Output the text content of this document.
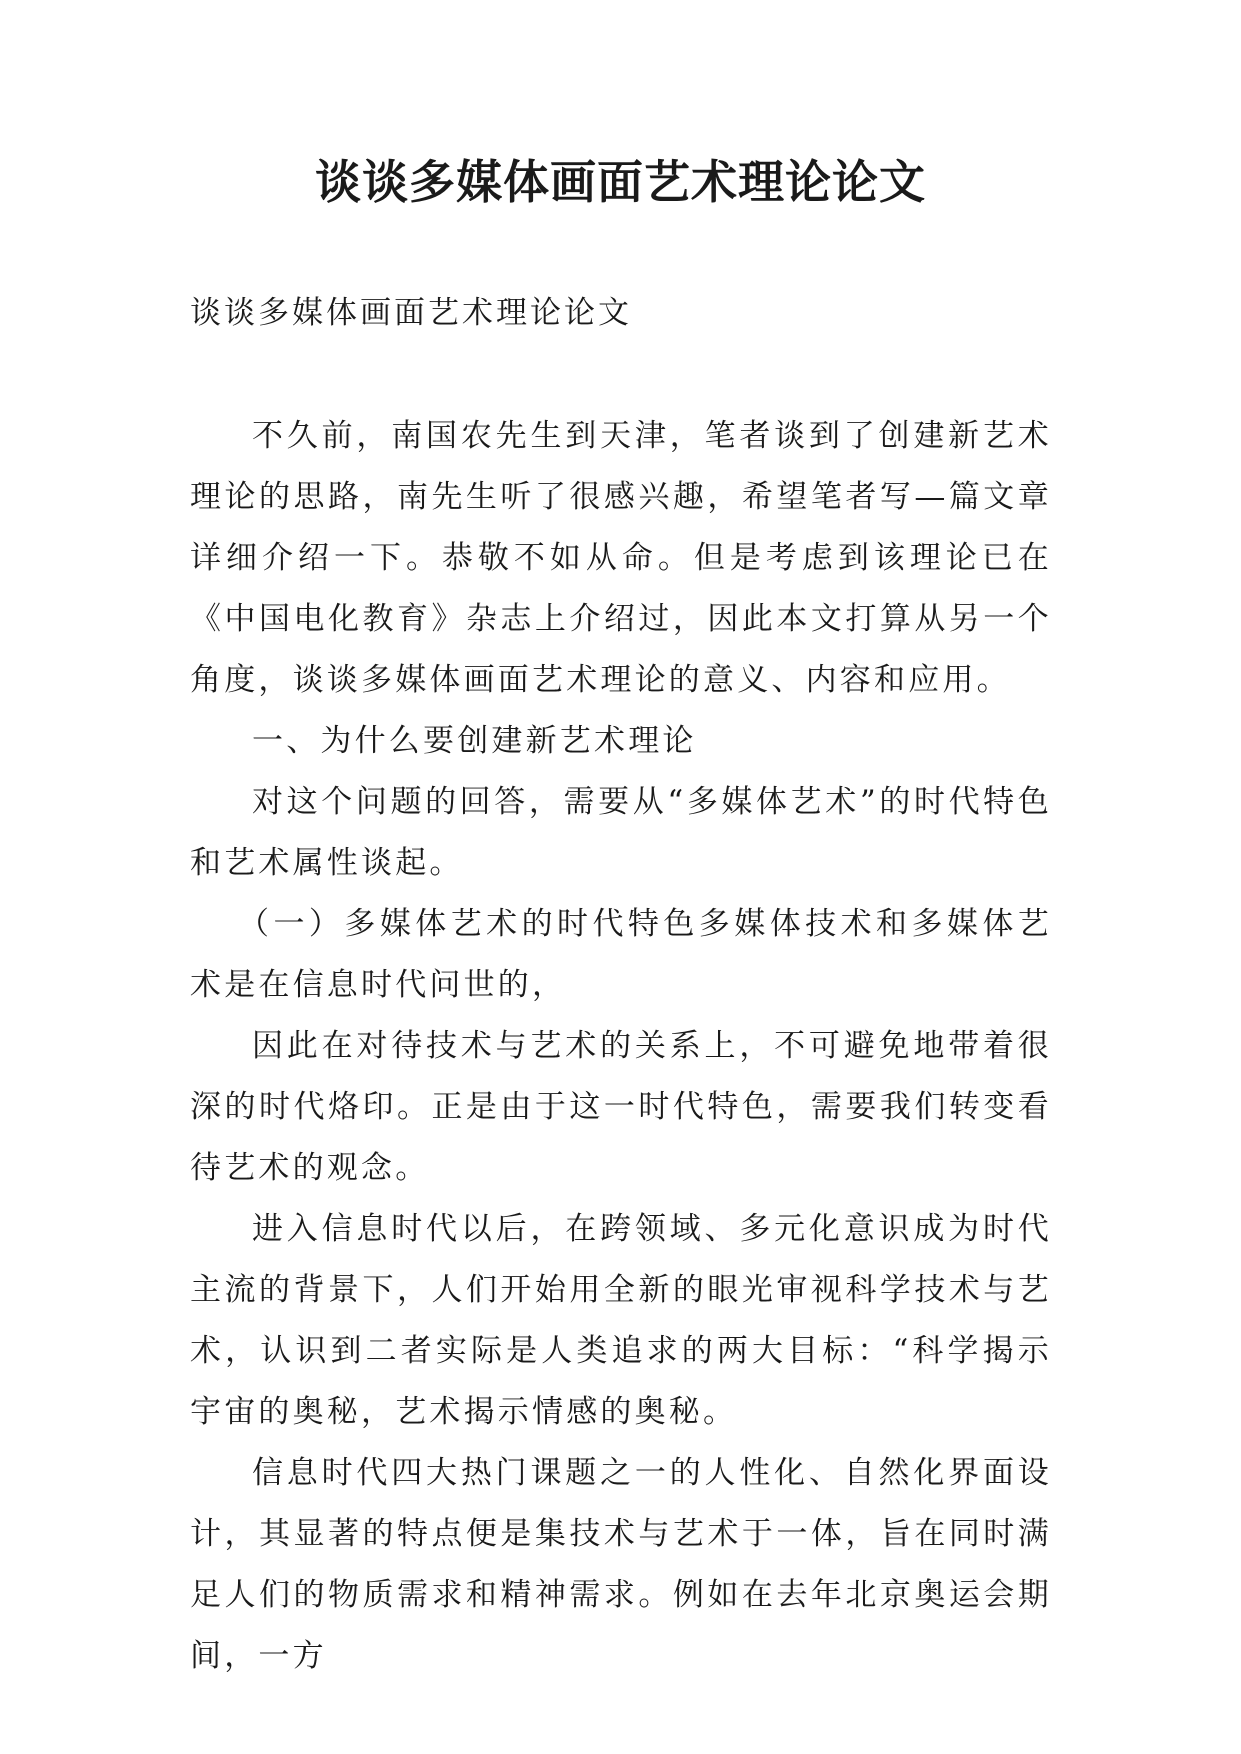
谈谈多媒体画面艺术理论论文
谈谈多媒体画面艺术理论论文

不久前，南国农先生到天津，笔者谈到了创建新艺术理论的思路，南先生听了很感兴趣，希望笔者写—篇文章详细介绍一下。恭敬不如从命。但是考虑到该理论已在《中国电化教育》杂志上介绍过，因此本文打算从另一个角度，谈谈多媒体画面艺术理论的意义、内容和应用。

一、为什么要创建新艺术理论

对这个问题的回答，需要从“多媒体艺术”的时代特色和艺术属性谈起。

（一）多媒体艺术的时代特色多媒体技术和多媒体艺术是在信息时代问世的，

因此在对待技术与艺术的关系上，不可避免地带着很深的时代烙印。正是由于这一时代特色，需要我们转变看待艺术的观念。

进入信息时代以后，在跨领域、多元化意识成为时代主流的背景下，人们开始用全新的眼光审视科学技术与艺术，认识到二者实际是人类追求的两大目标：“科学揭示宇宙的奥秘，艺术揭示情感的奥秘。

信息时代四大热门课题之一的人性化、自然化界面设计，其显著的特点便是集技术与艺术于一体，旨在同时满足人们的物质需求和精神需求。例如在去年北京奥运会期间，一方
